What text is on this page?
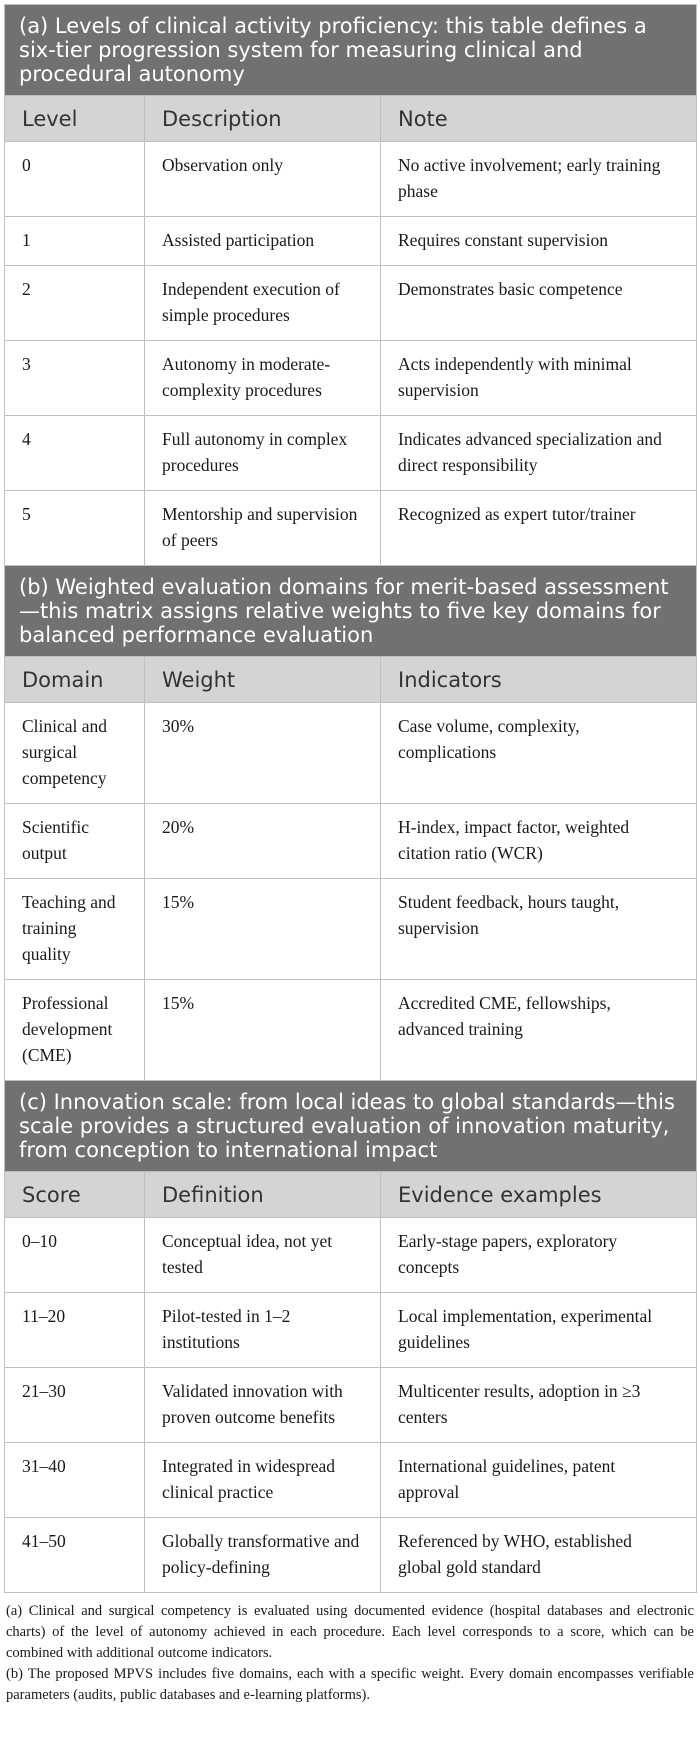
(a) Levels of clinical activity proficiency: this table defines a six-tier progression system for measuring clinical and procedural autonomy		
Level	Description	Note
0	Observation only	No active involvement; early training phase
1	Assisted participation	Requires constant supervision
2	Independent execution of simple procedures	Demonstrates basic competence
3	Autonomy in moderate-complexity procedures	Acts independently with minimal supervision
4	Full autonomy in complex procedures	Indicates advanced specialization and direct responsibility
5	Mentorship and supervision of peers	Recognized as expert tutor/trainer
(b) Weighted evaluation domains for merit-based assessment—this matrix assigns relative weights to five key domains for balanced performance evaluation		
Domain	Weight	Indicators
Clinical and surgical competency	30%	Case volume, complexity, complications
Scientific output	20%	H-index, impact factor, weighted citation ratio (WCR)
Teaching and training quality	15%	Student feedback, hours taught, supervision
Professional development (CME)	15%	Accredited CME, fellowships, advanced training
(c) Innovation scale: from local ideas to global standards—this scale provides a structured evaluation of innovation maturity, from conception to international impact		
Score	Definition	Evidence examples
0–10	Conceptual idea, not yet tested	Early-stage papers, exploratory concepts
11–20	Pilot-tested in 1–2 institutions	Local implementation, experimental guidelines
21–30	Validated innovation with proven outcome benefits	Multicenter results, adoption in ≥3 centers
31–40	Integrated in widespread clinical practice	International guidelines, patent approval
41–50	Globally transformative and policy-defining	Referenced by WHO, established global gold standard

(a) Clinical and surgical competency is evaluated using documented evidence (hospital databases and electronic charts) of the level of autonomy achieved in each procedure. Each level corresponds to a score, which can be combined with additional outcome indicators.

(b) The proposed MPVS includes five domains, each with a specific weight. Every domain encompasses verifiable parameters (audits, public databases and e-learning platforms).
